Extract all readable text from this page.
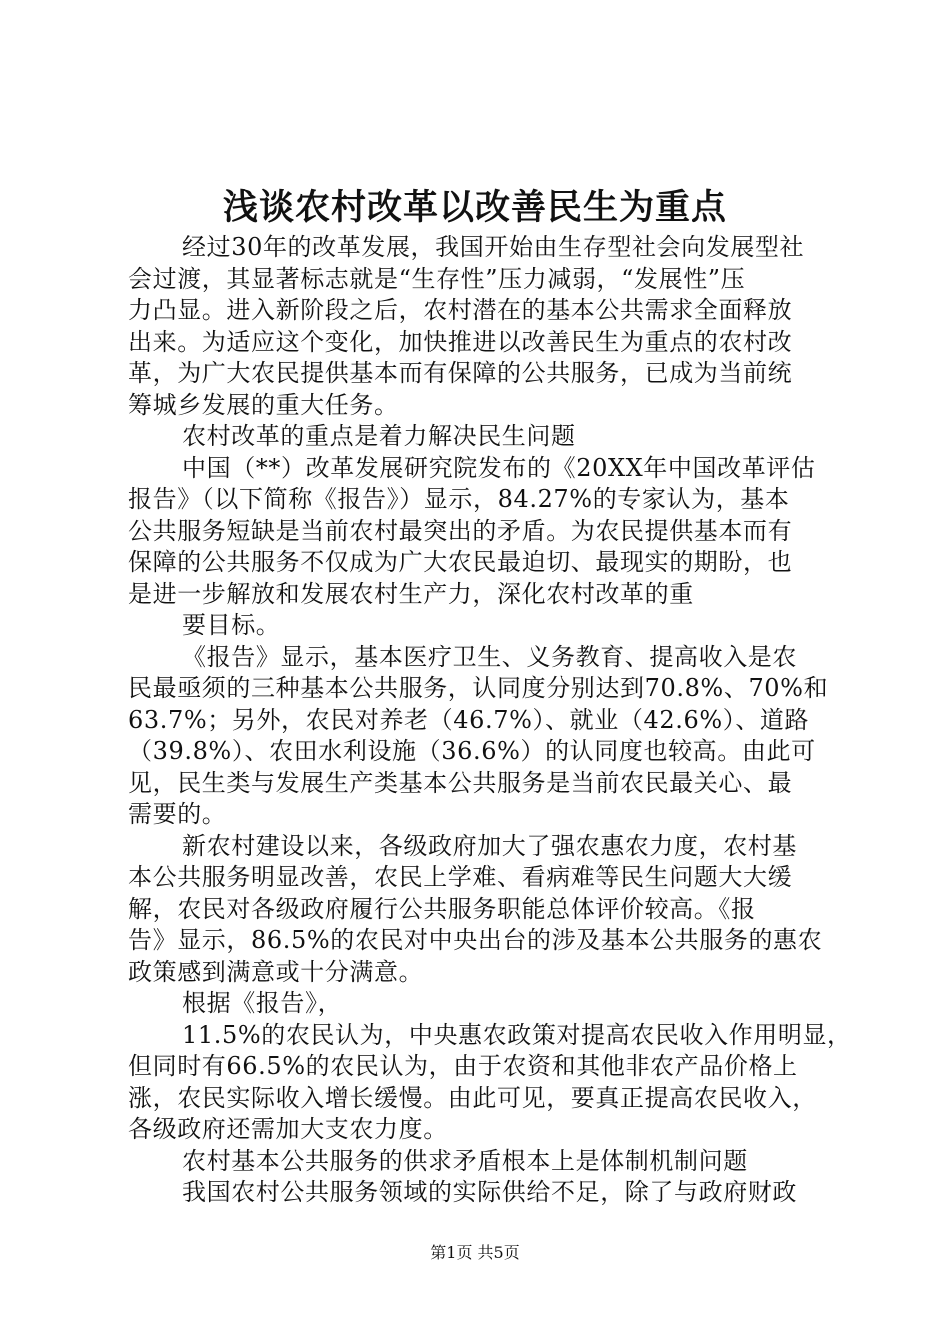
浅谈农村改革以改善民生为重点
经过30年的改革发展，我国开始由生存型社会向发展型社
会过渡，其显著标志就是“生存性”压力减弱，“发展性”压
力凸显。进入新阶段之后，农村潜在的基本公共需求全面释放
出来。为适应这个变化，加快推进以改善民生为重点的农村改
革，为广大农民提供基本而有保障的公共服务，已成为当前统
筹城乡发展的重大任务。
农村改革的重点是着力解决民生问题
中国（**）改革发展研究院发布的《20XX年中国改革评估
报告》（以下简称《报告》）显示，84.27%的专家认为，基本
公共服务短缺是当前农村最突出的矛盾。为农民提供基本而有
保障的公共服务不仅成为广大农民最迫切、最现实的期盼，也
是进一步解放和发展农村生产力，深化农村改革的重
要目标。
《报告》显示，基本医疗卫生、义务教育、提高收入是农
民最亟须的三种基本公共服务，认同度分别达到70.8%、70%和
63.7%；另外，农民对养老（46.7%）、就业（42.6%）、道路
（39.8%）、农田水利设施（36.6%）的认同度也较高。由此可
见，民生类与发展生产类基本公共服务是当前农民最关心、最
需要的。
新农村建设以来，各级政府加大了强农惠农力度，农村基
本公共服务明显改善，农民上学难、看病难等民生问题大大缓
解，农民对各级政府履行公共服务职能总体评价较高。《报
告》显示，86.5%的农民对中央出台的涉及基本公共服务的惠农
政策感到满意或十分满意。
根据《报告》，
11.5%的农民认为，中央惠农政策对提高农民收入作用明显，
但同时有66.5%的农民认为，由于农资和其他非农产品价格上
涨，农民实际收入增长缓慢。由此可见，要真正提高农民收入，
各级政府还需加大支农力度。
农村基本公共服务的供求矛盾根本上是体制机制问题
我国农村公共服务领域的实际供给不足，除了与政府财政
第1页 共5页
